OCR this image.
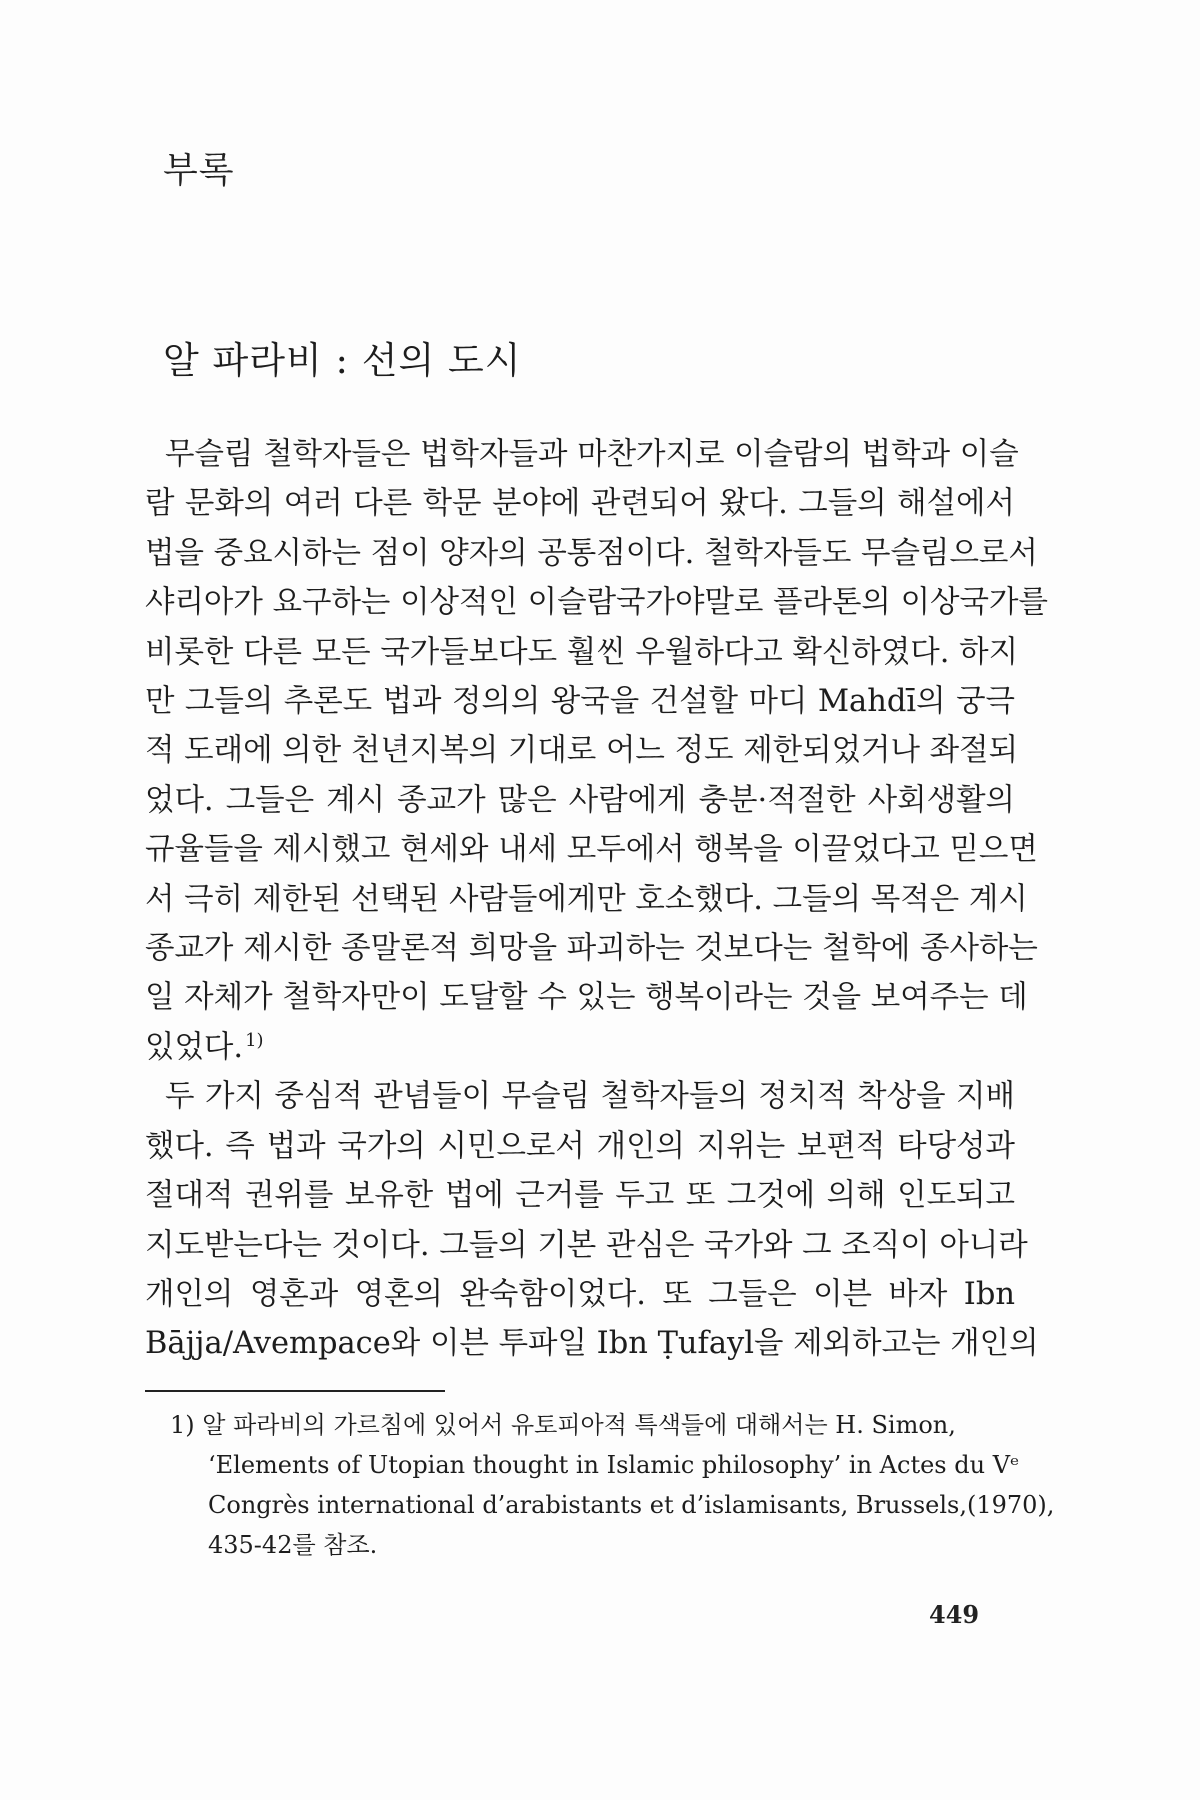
부록
알 파라비 : 선의 도시

무슬림 철학자들은 법학자들과 마찬가지로 이슬람의 법학과 이슬
람 문화의 여러 다른 학문 분야에 관련되어 왔다. 그들의 해설에서
법을 중요시하는 점이 양자의 공통점이다. 철학자들도 무슬림으로서
샤리아가 요구하는 이상적인 이슬람국가야말로 플라톤의 이상국가를
비롯한 다른 모든 국가들보다도 훨씬 우월하다고 확신하였다. 하지
만 그들의 추론도 법과 정의의 왕국을 건설할 마디 Mahdī의 궁극
적 도래에 의한 천년지복의 기대로 어느 정도 제한되었거나 좌절되
었다. 그들은 계시 종교가 많은 사람에게 충분·적절한 사회생활의
규율들을 제시했고 현세와 내세 모두에서 행복을 이끌었다고 믿으면
서 극히 제한된 선택된 사람들에게만 호소했다. 그들의 목적은 계시
종교가 제시한 종말론적 희망을 파괴하는 것보다는 철학에 종사하는
일 자체가 철학자만이 도달할 수 있는 행복이라는 것을 보여주는 데
있었다. $^{1)}$

두 가지 중심적 관념들이 무슬림 철학자들의 정치적 착상을 지배
했다. 즉 법과 국가의 시민으로서 개인의 지위는 보편적 타당성과
절대적 권위를 보유한 법에 근거를 두고 또 그것에 의해 인도되고
지도받는다는 것이다. 그들의 기본 관심은 국가와 그 조직이 아니라
개인의 영혼과 영혼의 완숙함이었다. 또 그들은 이븐 바자 Ibn
Bājja/Avempace와 이븐 투파일 Ibn Ṭufayl을 제외하고는 개인의

1) 알 파라비의 가르침에 있어서 유토피아적 특색들에 대해서는 H. Simon,
‘Elements of Utopian thought in Islamic philosophy’ in Actes du Vᵉ
Congrès international d’arabistants et d’islamisants, Brussels,(1970),
435-42를 참조.
449
